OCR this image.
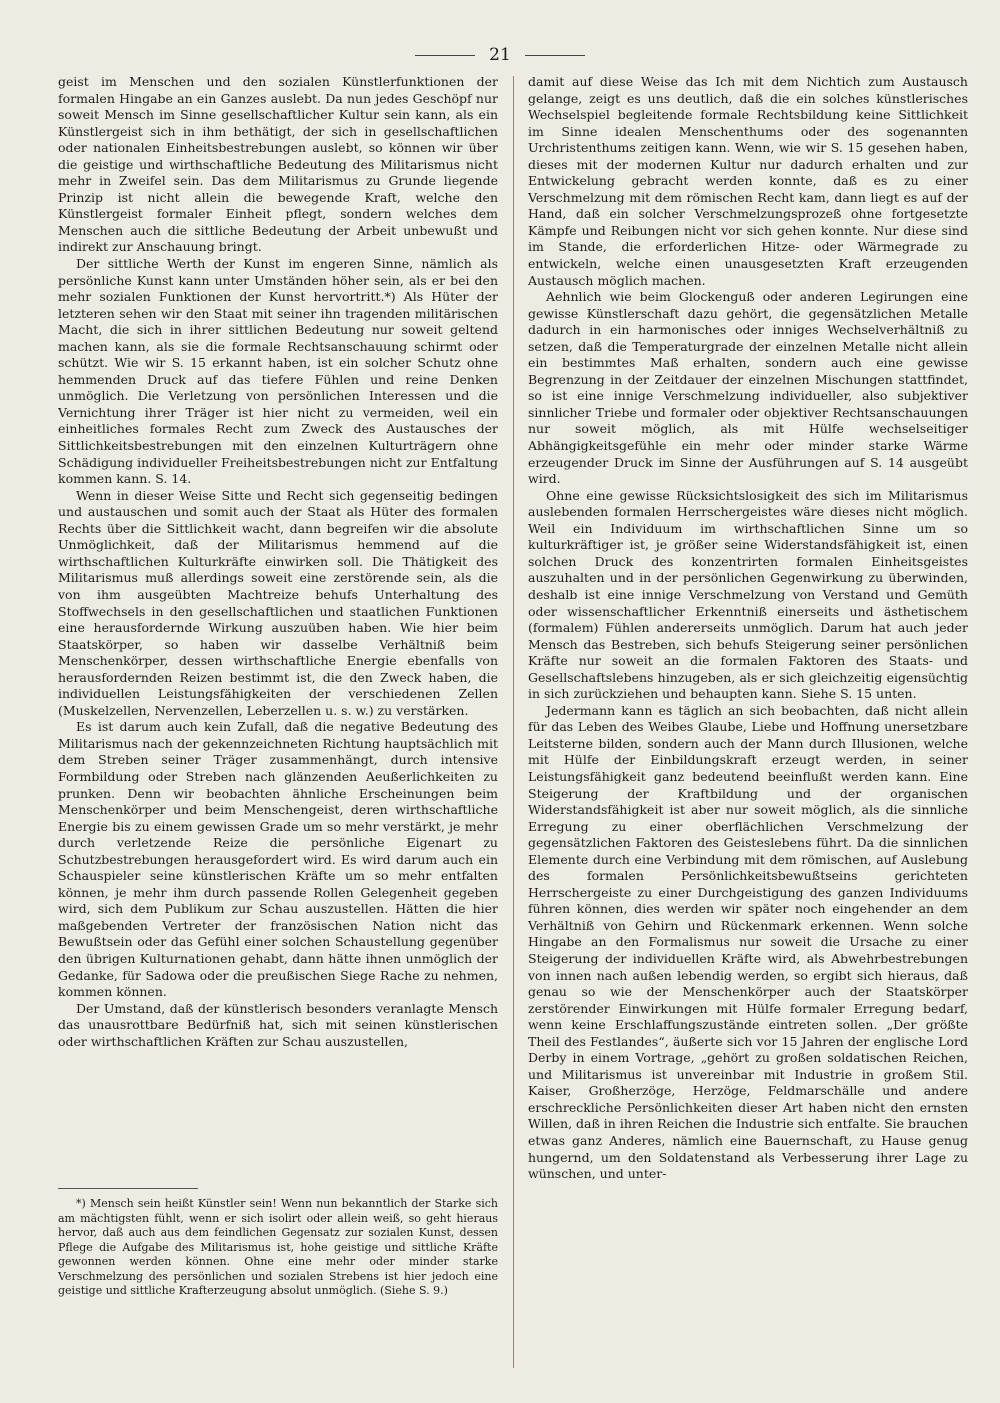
21

geist im Menschen und den sozialen Künstlerfunktionen der formalen Hingabe an ein Ganzes auslebt. Da nun jedes Geschöpf nur soweit Mensch im Sinne gesellschaftlicher Kultur sein kann, als ein Künstlergeist sich in ihm bethätigt, der sich in gesellschaftlichen oder nationalen Einheitsbestrebungen auslebt, so können wir über die geistige und wirthschaftliche Bedeutung des Militarismus nicht mehr in Zweifel sein. Das dem Militarismus zu Grunde liegende Prinzip ist nicht allein die bewegende Kraft, welche den Künstlergeist formaler Einheit pflegt, sondern welches dem Menschen auch die sittliche Bedeutung der Arbeit unbewußt und indirekt zur Anschauung bringt.

Der sittliche Werth der Kunst im engeren Sinne, nämlich als persönliche Kunst kann unter Umständen höher sein, als er bei den mehr sozialen Funktionen der Kunst hervortritt.*) Als Hüter der letzteren sehen wir den Staat mit seiner ihn tragenden militärischen Macht, die sich in ihrer sittlichen Bedeutung nur soweit geltend machen kann, als sie die formale Rechtsanschauung schirmt oder schützt. Wie wir S. 15 erkannt haben, ist ein solcher Schutz ohne hemmenden Druck auf das tiefere Fühlen und reine Denken unmöglich. Die Verletzung von persönlichen Interessen und die Vernichtung ihrer Träger ist hier nicht zu vermeiden, weil ein einheitliches formales Recht zum Zweck des Austausches der Sittlichkeitsbestrebungen mit den einzelnen Kulturträgern ohne Schädigung individueller Freiheitsbestrebungen nicht zur Entfaltung kommen kann. S. 14.

Wenn in dieser Weise Sitte und Recht sich gegenseitig bedingen und austauschen und somit auch der Staat als Hüter des formalen Rechts über die Sittlichkeit wacht, dann begreifen wir die absolute Unmöglichkeit, daß der Militarismus hemmend auf die wirthschaftlichen Kulturkräfte einwirken soll. Die Thätigkeit des Militarismus muß allerdings soweit eine zerstörende sein, als die von ihm ausgeübten Machtreize behufs Unterhaltung des Stoffwechsels in den gesellschaftlichen und staatlichen Funktionen eine herausfordernde Wirkung auszuüben haben. Wie hier beim Staatskörper, so haben wir dasselbe Verhältniß beim Menschenkörper, dessen wirthschaftliche Energie ebenfalls von herausfordernden Reizen bestimmt ist, die den Zweck haben, die individuellen Leistungsfähigkeiten der verschiedenen Zellen (Muskelzellen, Nervenzellen, Leberzellen u. s. w.) zu verstärken.

Es ist darum auch kein Zufall, daß die negative Bedeutung des Militarismus nach der gekennzeichneten Richtung hauptsächlich mit dem Streben seiner Träger zusammenhängt, durch intensive Formbildung oder Streben nach glänzenden Aeußerlichkeiten zu prunken. Denn wir beobachten ähnliche Erscheinungen beim Menschenkörper und beim Menschengeist, deren wirthschaftliche Energie bis zu einem gewissen Grade um so mehr verstärkt, je mehr durch verletzende Reize die persönliche Eigenart zu Schutzbestrebungen herausgefordert wird. Es wird darum auch ein Schauspieler seine künstlerischen Kräfte um so mehr entfalten können, je mehr ihm durch passende Rollen Gelegenheit gegeben wird, sich dem Publikum zur Schau auszustellen. Hätten die hier maßgebenden Vertreter der französischen Nation nicht das Bewußtsein oder das Gefühl einer solchen Schaustellung gegenüber den übrigen Kulturnationen gehabt, dann hätte ihnen unmöglich der Gedanke, für Sadowa oder die preußischen Siege Rache zu nehmen, kommen können.

Der Umstand, daß der künstlerisch besonders veranlagte Mensch das unausrottbare Bedürfniß hat, sich mit seinen künstlerischen oder wirthschaftlichen Kräften zur Schau auszustellen,

*) Mensch sein heißt Künstler sein! Wenn nun bekanntlich der Starke sich am mächtigsten fühlt, wenn er sich isolirt oder allein weiß, so geht hieraus hervor, daß auch aus dem feindlichen Gegensatz zur sozialen Kunst, dessen Pflege die Aufgabe des Militarismus ist, hohe geistige und sittliche Kräfte gewonnen werden können. Ohne eine mehr oder minder starke Verschmelzung des persönlichen und sozialen Strebens ist hier jedoch eine geistige und sittliche Krafterzeugung absolut unmöglich. (Siehe S. 9.)

damit auf diese Weise das Ich mit dem Nichtich zum Austausch gelange, zeigt es uns deutlich, daß die ein solches künstlerisches Wechselspiel begleitende formale Rechtsbildung keine Sittlichkeit im Sinne idealen Menschenthums oder des sogenannten Urchristenthums zeitigen kann. Wenn, wie wir S. 15 gesehen haben, dieses mit der modernen Kultur nur dadurch erhalten und zur Entwickelung gebracht werden konnte, daß es zu einer Verschmelzung mit dem römischen Recht kam, dann liegt es auf der Hand, daß ein solcher Verschmelzungsprozeß ohne fortgesetzte Kämpfe und Reibungen nicht vor sich gehen konnte. Nur diese sind im Stande, die erforderlichen Hitze- oder Wärmegrade zu entwickeln, welche einen unausgesetzten Kraft erzeugenden Austausch möglich machen.

Aehnlich wie beim Glockenguß oder anderen Legirungen eine gewisse Künstlerschaft dazu gehört, die gegensätzlichen Metalle dadurch in ein harmonisches oder inniges Wechselverhältniß zu setzen, daß die Temperaturgrade der einzelnen Metalle nicht allein ein bestimmtes Maß erhalten, sondern auch eine gewisse Begrenzung in der Zeitdauer der einzelnen Mischungen stattfindet, so ist eine innige Verschmelzung individueller, also subjektiver sinnlicher Triebe und formaler oder objektiver Rechtsanschauungen nur soweit möglich, als mit Hülfe wechselseitiger Abhängigkeitsgefühle ein mehr oder minder starke Wärme erzeugender Druck im Sinne der Ausführungen auf S. 14 ausgeübt wird.

Ohne eine gewisse Rücksichtslosigkeit des sich im Militarismus auslebenden formalen Herrschergeistes wäre dieses nicht möglich. Weil ein Individuum im wirthschaftlichen Sinne um so kulturkräftiger ist, je größer seine Widerstandsfähigkeit ist, einen solchen Druck des konzentrirten formalen Einheitsgeistes auszuhalten und in der persönlichen Gegenwirkung zu überwinden, deshalb ist eine innige Verschmelzung von Verstand und Gemüth oder wissenschaftlicher Erkenntniß einerseits und ästhetischem (formalem) Fühlen andererseits unmöglich. Darum hat auch jeder Mensch das Bestreben, sich behufs Steigerung seiner persönlichen Kräfte nur soweit an die formalen Faktoren des Staats- und Gesellschaftslebens hinzugeben, als er sich gleichzeitig eigensüchtig in sich zurückziehen und behaupten kann. Siehe S. 15 unten.

Jedermann kann es täglich an sich beobachten, daß nicht allein für das Leben des Weibes Glaube, Liebe und Hoffnung unersetzbare Leitsterne bilden, sondern auch der Mann durch Illusionen, welche mit Hülfe der Einbildungskraft erzeugt werden, in seiner Leistungsfähigkeit ganz bedeutend beeinflußt werden kann. Eine Steigerung der Kraftbildung und der organischen Widerstandsfähigkeit ist aber nur soweit möglich, als die sinnliche Erregung zu einer oberflächlichen Verschmelzung der gegensätzlichen Faktoren des Geisteslebens führt. Da die sinnlichen Elemente durch eine Verbindung mit dem römischen, auf Auslebung des formalen Persönlichkeitsbewußtseins gerichteten Herrschergeiste zu einer Durchgeistigung des ganzen Individuums führen können, dies werden wir später noch eingehender an dem Verhältniß von Gehirn und Rückenmark erkennen. Wenn solche Hingabe an den Formalismus nur soweit die Ursache zu einer Steigerung der individuellen Kräfte wird, als Abwehrbestrebungen von innen nach außen lebendig werden, so ergibt sich hieraus, daß genau so wie der Menschenkörper auch der Staatskörper zerstörender Einwirkungen mit Hülfe formaler Erregung bedarf, wenn keine Erschlaffungszustände eintreten sollen. „Der größte Theil des Festlandes“, äußerte sich vor 15 Jahren der englische Lord Derby in einem Vortrage, „gehört zu großen soldatischen Reichen, und Militarismus ist unvereinbar mit Industrie in großem Stil. Kaiser, Großherzöge, Herzöge, Feldmarschälle und andere erschreckliche Persönlichkeiten dieser Art haben nicht den ernsten Willen, daß in ihren Reichen die Industrie sich entfalte. Sie brauchen etwas ganz Anderes, nämlich eine Bauernschaft, zu Hause genug hungernd, um den Soldatenstand als Verbesserung ihrer Lage zu wünschen, und unter-
